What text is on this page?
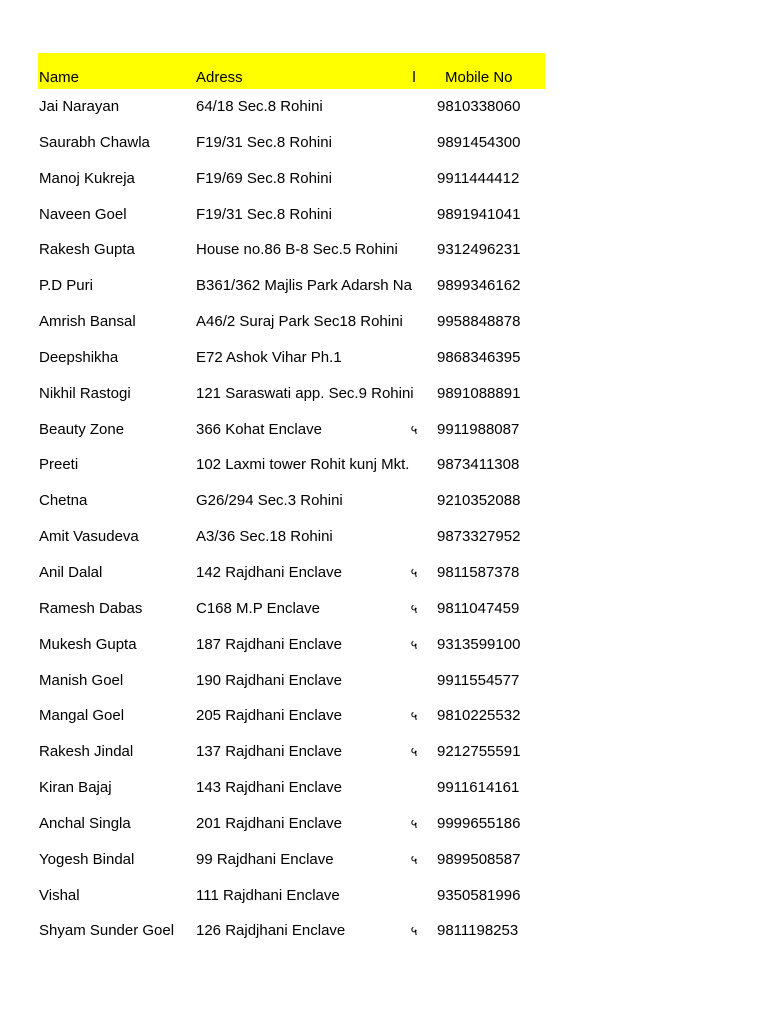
Name	Adress	l Mobile No
Jai Narayan	64/18 Sec.8 Rohini	9810338060
Saurabh Chawla	F19/31 Sec.8 Rohini	9891454300
Manoj Kukreja	F19/69 Sec.8 Rohini	9911444412
Naveen Goel	F19/31 Sec.8 Rohini	9891941041
Rakesh Gupta	House no.86 B-8 Sec.5 Rohini	9312496231
P.D Puri	B361/362 Majlis Park Adarsh Na 9899346162
Amrish Bansal	A46/2 Suraj Park Sec18 Rohini	9958848878
Deepshikha	E72 Ashok Vihar Ph.1	9868346395
Nikhil Rastogi	121 Saraswati app. Sec.9 Rohini 9891088891
Beauty Zone	366 Kohat Enclave	५ 9911988087
Preeti	102 Laxmi tower Rohit kunj Mkt.	9873411308
Chetna	G26/294 Sec.3 Rohini	9210352088
Amit Vasudeva	A3/36 Sec.18 Rohini	9873327952
Anil Dalal	142 Rajdhani Enclave	५ 9811587378
Ramesh Dabas	C168 M.P Enclave	५ 9811047459
Mukesh Gupta	187 Rajdhani Enclave	५ 9313599100
Manish Goel	190 Rajdhani Enclave	9911554577
Mangal Goel	205 Rajdhani Enclave	५ 9810225532
Rakesh Jindal	137 Rajdhani Enclave	५ 9212755591
Kiran Bajaj	143 Rajdhani Enclave	9911614161
Anchal Singla	201 Rajdhani Enclave	५ 9999655186
Yogesh Bindal	99 Rajdhani Enclave	५ 9899508587
Vishal	111 Rajdhani Enclave	9350581996
Shyam Sunder Goel	126 Rajdjhani Enclave	५ 9811198253
